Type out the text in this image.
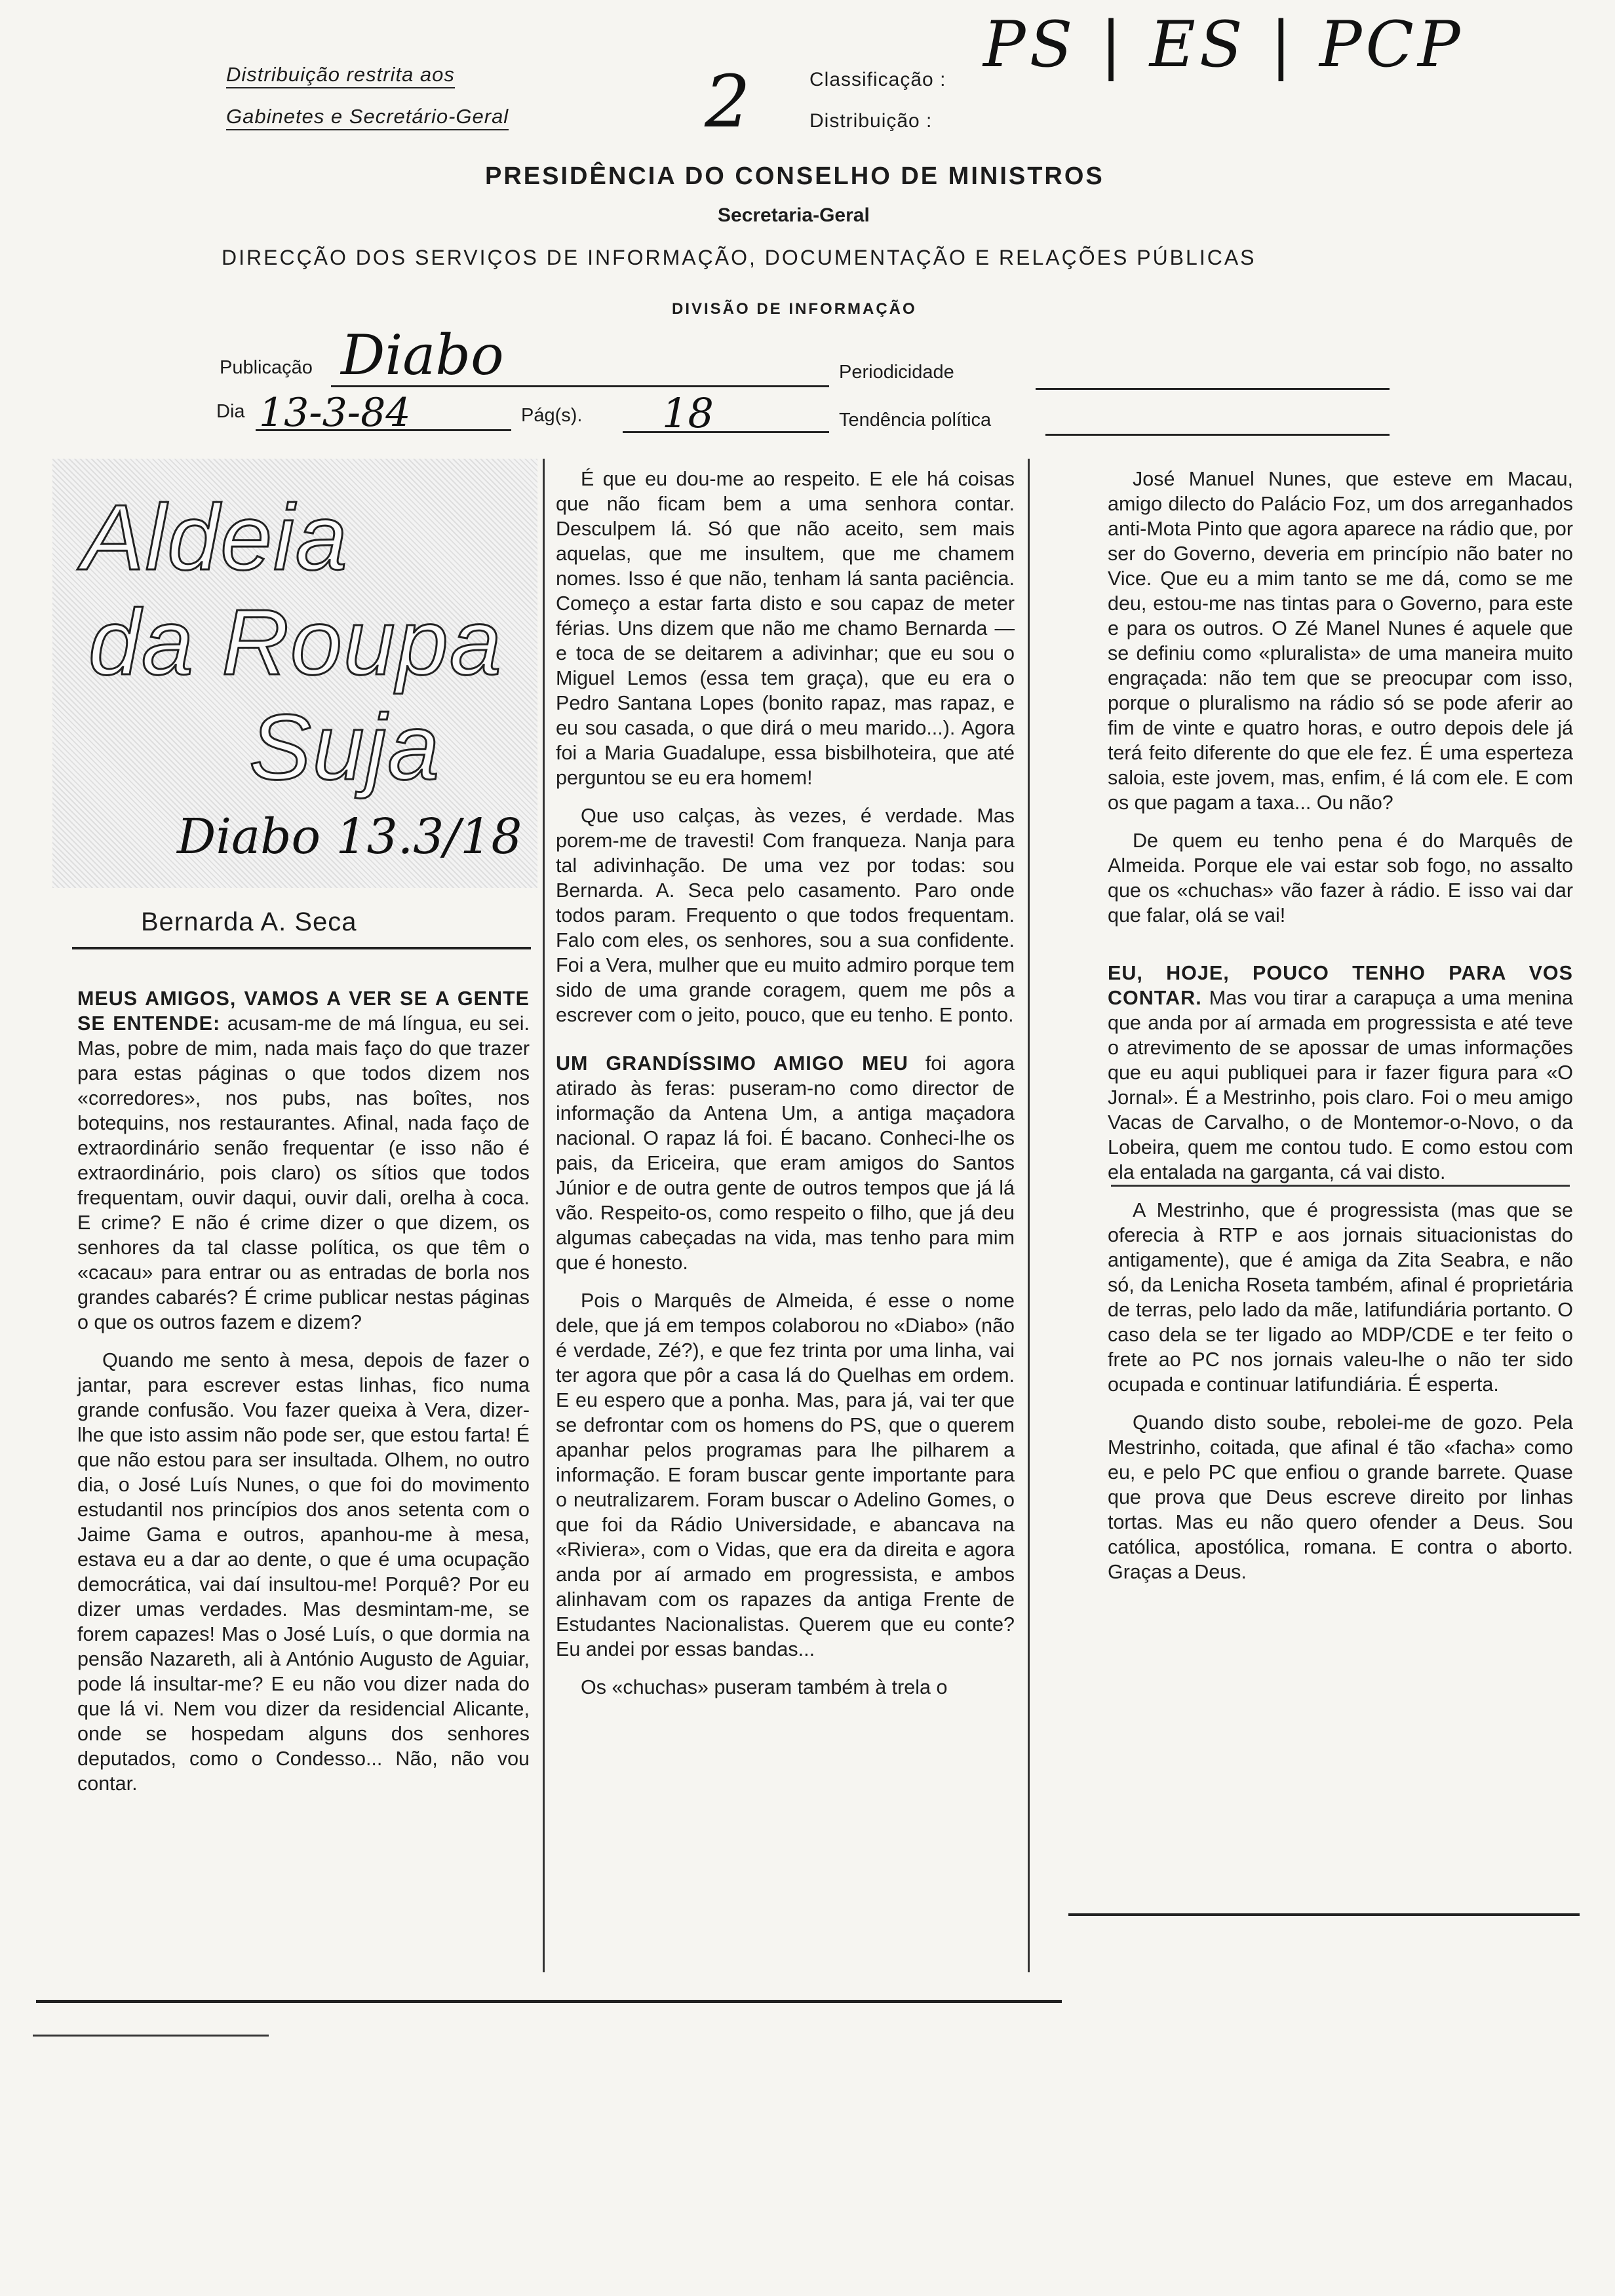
Distribuição restrita aos
Gabinetes e Secretário-Geral	2	Classificação :
Distribuição :
PS | ES | PCP
PRESIDÊNCIA DO CONSELHO DE MINISTROS
Secretaria-Geral
DIRECÇÃO DOS SERVIÇOS DE INFORMAÇÃO, DOCUMENTAÇÃO E RELAÇÕES PÚBLICAS
DIVISÃO DE INFORMAÇÃO
Publicação Diabo	Periodicidade
Dia 13-3-84	Pág(s). 18	Tendência política
Aldeia
da Roupa
Suja
Diabo 13.3/18
Bernarda A. Seca

MEUS AMIGOS, VAMOS A VER SE A GENTE SE ENTENDE: acusam-me de má língua, eu sei. Mas, pobre de mim, nada mais faço do que trazer para estas páginas o que todos dizem nos «corredores», nos pubs, nas boîtes, nos botequins, nos restaurantes. Afinal, nada faço de extraordinário senão frequentar (e isso não é extraordinário, pois claro) os sítios que todos frequentam, ouvir daqui, ouvir dali, orelha à coca. E crime? E não é crime dizer o que dizem, os senhores da tal classe política, os que têm o «cacau» para entrar ou as entradas de borla nos grandes cabarés? É crime publicar nestas páginas o que os outros fazem e dizem?

Quando me sento à mesa, depois de fazer o jantar, para escrever estas linhas, fico numa grande confusão. Vou fazer queixa à Vera, dizer-lhe que isto assim não pode ser, que estou farta! É que não estou para ser insultada. Olhem, no outro dia, o José Luís Nunes, o que foi do movimento estudantil nos princípios dos anos setenta com o Jaime Gama e outros, apanhou-me à mesa, estava eu a dar ao dente, o que é uma ocupação democrática, vai daí insultou-me! Porquê? Por eu dizer umas verdades. Mas desmintam-me, se forem capazes! Mas o José Luís, o que dormia na pensão Nazareth, ali à António Augusto de Aguiar, pode lá insultar-me? E eu não vou dizer nada do que lá vi. Nem vou dizer da residencial Alicante, onde se hospedam alguns dos senhores deputados, como o Condesso... Não, não vou contar.

É que eu dou-me ao respeito. E ele há coisas que não ficam bem a uma senhora contar. Desculpem lá. Só que não aceito, sem mais aquelas, que me insultem, que me chamem nomes. Isso é que não, tenham lá santa paciência. Começo a estar farta disto e sou capaz de meter férias. Uns dizem que não me chamo Bernarda — e toca de se deitarem a adivinhar; que eu sou o Miguel Lemos (essa tem graça), que eu era o Pedro Santana Lopes (bonito rapaz, mas rapaz, e eu sou casada, o que dirá o meu marido...). Agora foi a Maria Guadalupe, essa bisbilhoteira, que até perguntou se eu era homem!

Que uso calças, às vezes, é verdade. Mas porem-me de travesti! Com franqueza. Nanja para tal adivinhação. De uma vez por todas: sou Bernarda. A. Seca pelo casamento. Paro onde todos param. Frequento o que todos frequentam. Falo com eles, os senhores, sou a sua confidente. Foi a Vera, mulher que eu muito admiro porque tem sido de uma grande coragem, quem me pôs a escrever com o jeito, pouco, que eu tenho. E ponto.

UM GRANDÍSSIMO AMIGO MEU foi agora atirado às feras: puseram-no como director de informação da Antena Um, a antiga maçadora nacional. O rapaz lá foi. É bacano. Conheci-lhe os pais, da Ericeira, que eram amigos do Santos Júnior e de outra gente de outros tempos que já lá vão. Respeito-os, como respeito o filho, que já deu algumas cabeçadas na vida, mas tenho para mim que é honesto.

Pois o Marquês de Almeida, é esse o nome dele, que já em tempos colaborou no «Diabo» (não é verdade, Zé?), e que fez trinta por uma linha, vai ter agora que pôr a casa lá do Quelhas em ordem. E eu espero que a ponha. Mas, para já, vai ter que se defrontar com os homens do PS, que o querem apanhar pelos programas para lhe pilharem a informação. E foram buscar gente importante para o neutralizarem. Foram buscar o Adelino Gomes, o que foi da Rádio Universidade, e abancava na «Riviera», com o Vidas, que era da direita e agora anda por aí armado em progressista, e ambos alinhavam com os rapazes da antiga Frente de Estudantes Nacionalistas. Querem que eu conte? Eu andei por essas bandas...

Os «chuchas» puseram também à trela o

José Manuel Nunes, que esteve em Macau, amigo dilecto do Palácio Foz, um dos arreganhados anti-Mota Pinto que agora aparece na rádio que, por ser do Governo, deveria em princípio não bater no Vice. Que eu a mim tanto se me dá, como se me deu, estou-me nas tintas para o Governo, para este e para os outros. O Zé Manel Nunes é aquele que se definiu como «pluralista» de uma maneira muito engraçada: não tem que se preocupar com isso, porque o pluralismo na rádio só se pode aferir ao fim de vinte e quatro horas, e outro depois dele já terá feito diferente do que ele fez. É uma esperteza saloia, este jovem, mas, enfim, é lá com ele. E com os que pagam a taxa... Ou não?

De quem eu tenho pena é do Marquês de Almeida. Porque ele vai estar sob fogo, no assalto que os «chuchas» vão fazer à rádio. E isso vai dar que falar, olá se vai!

EU, HOJE, POUCO TENHO PARA VOS CONTAR. Mas vou tirar a carapuça a uma menina que anda por aí armada em progressista e até teve o atrevimento de se apossar de umas informações que eu aqui publiquei para ir fazer figura para «O Jornal». É a Mestrinho, pois claro. Foi o meu amigo Vacas de Carvalho, o de Montemor-o-Novo, o da Lobeira, quem me contou tudo. E como estou com ela entalada na garganta, cá vai disto.

A Mestrinho, que é progressista (mas que se oferecia à RTP e aos jornais situacionistas do antigamente), que é amiga da Zita Seabra, e não só, da Lenicha Roseta também, afinal é proprietária de terras, pelo lado da mãe, latifundiária portanto. O caso dela se ter ligado ao MDP/CDE e ter feito o frete ao PC nos jornais valeu-lhe o não ter sido ocupada e continuar latifundiária. É esperta.

Quando disto soube, rebolei-me de gozo. Pela Mestrinho, coitada, que afinal é tão «facha» como eu, e pelo PC que enfiou o grande barrete. Quase que prova que Deus escreve direito por linhas tortas. Mas eu não quero ofender a Deus. Sou católica, apostólica, romana. E contra o aborto. Graças a Deus.
